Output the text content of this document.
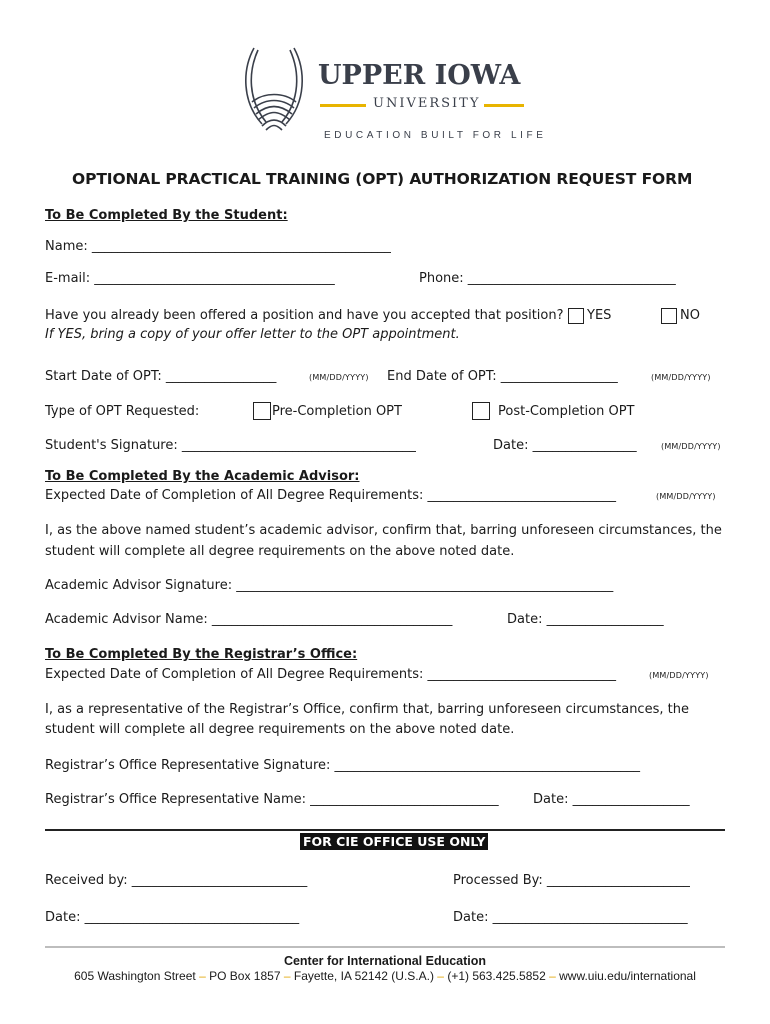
UPPER IOWA
UNIVERSITY
EDUCATION BUILT FOR LIFE
OPTIONAL PRACTICAL TRAINING (OPT) AUTHORIZATION REQUEST FORM
To Be Completed By the Student:
Name: ______________________________________________
E-mail: _____________________________________	Phone: ________________________________
Have you already been offered a position and have you accepted that position? YES	NO
If YES, bring a copy of your offer letter to the OPT appointment.
Start Date of OPT: _________________	(MM/DD/YYYY) End Date of OPT: __________________	(MM/DD/YYYY)
Type of OPT Requested:	Pre-Completion OPT	Post-Completion OPT
Student's Signature: ____________________________________	Date: ________________	(MM/DD/YYYY)
To Be Completed By the Academic Advisor:
Expected Date of Completion of All Degree Requirements: _____________________________	(MM/DD/YYYY)
I, as the above named student’s academic advisor, confirm that, barring unforeseen circumstances, the
student will complete all degree requirements on the above noted date.
Academic Advisor Signature: __________________________________________________________
Academic Advisor Name: _____________________________________	Date: __________________
To Be Completed By the Registrar’s Office:
Expected Date of Completion of All Degree Requirements: _____________________________	(MM/DD/YYYY)
I, as a representative of the Registrar’s Office, confirm that, barring unforeseen circumstances, the
student will complete all degree requirements on the above noted date.
Registrar’s Office Representative Signature: _______________________________________________
Registrar’s Office Representative Name: _____________________________	Date: __________________
FOR CIE OFFICE USE ONLY
Received by: ___________________________	Processed By: ______________________
Date: _________________________________	Date: ______________________________
Center for International Education
605 Washington Street – PO Box 1857 – Fayette, IA 52142 (U.S.A.) – (+1) 563.425.5852 – www.uiu.edu/international
